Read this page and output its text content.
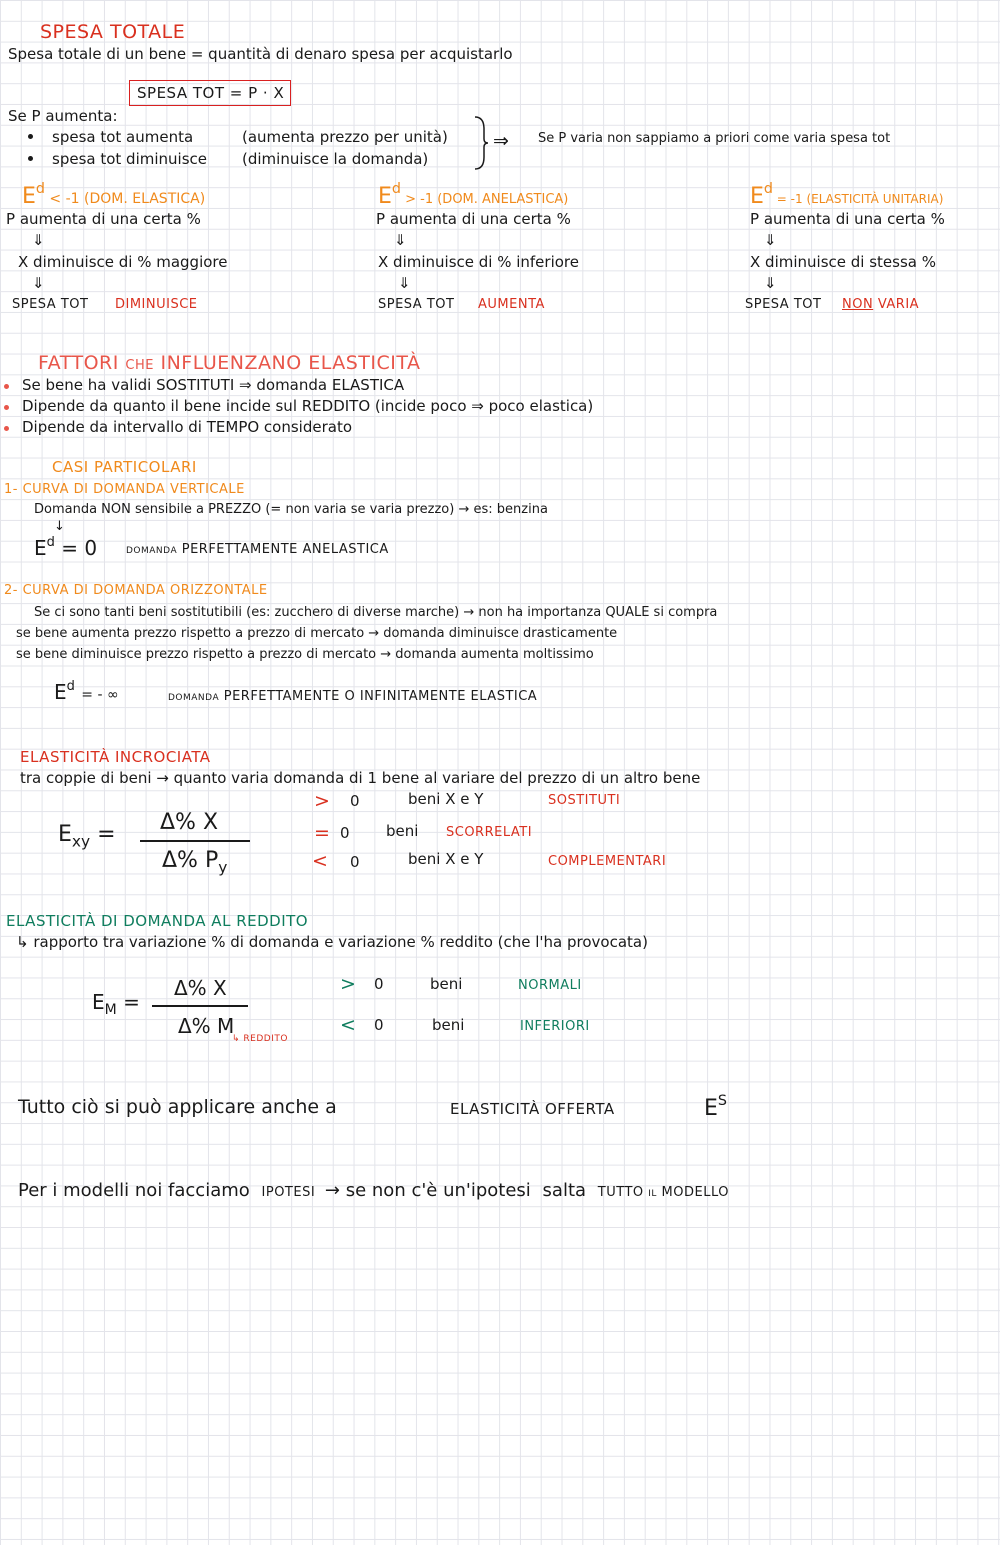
SPESA TOTALE
Spesa totale di un bene = quantità di denaro spesa per acquistarlo
SPESA TOT = P · X
Se P aumenta:
spesa tot aumenta	(aumenta prezzo per unità)
spesa tot diminuisce (diminuisce la domanda)
⇒ Se P varia non sappiamo a priori come varia spesa tot
$E^d < -1$ (DOM. ELASTICA)
P aumenta di una certa %
⇓
X diminuisce di % maggiore
⇓
SPESA TOT DIMINUISCE
$E^d > -1$ (DOM. ANELASTICA)
P aumenta di una certa %
⇓
X diminuisce di % inferiore
⇓
SPESA TOT AUMENTA
$E^d = -1$ (ELASTICITÀ UNITARIA)
P aumenta di una certa %
⇓
X diminuisce di stessa %
⇓
SPESA TOT NON VARIA
FATTORI che INFLUENZANO ELASTICITÀ
Se bene ha validi SOSTITUTI ⇒ domanda ELASTICA
Dipende da quanto il bene incide sul REDDITO (incide poco ⇒ poco elastica)
Dipende da intervallo di TEMPO considerato
CASI PARTICOLARI
1- CURVA DI DOMANDA VERTICALE
Domanda NON sensibile a PREZZO (= non varia se varia prezzo) → es: benzina
↓
$E^d = 0$ domanda PERFETTAMENTE ANELASTICA
2- CURVA DI DOMANDA ORIZZONTALE
Se ci sono tanti beni sostitutibili (es: zucchero di diverse marche) → non ha importanza QUALE si compra
se bene aumenta prezzo rispetto a prezzo di mercato → domanda diminuisce drasticamente
se bene diminuisce prezzo rispetto a prezzo di mercato → domanda aumenta moltissimo
$E^d$ = - ∞	domanda PERFETTAMENTE O INFINITAMENTE ELASTICA
ELASTICITÀ INCROCIATA
tra coppie di beni → quanto varia domanda di 1 bene al variare del prezzo di un altro bene
$E_{xy} = \Delta\%$ X
Δ% $P_y$
> 0	beni X e Y	SOSTITUTI
= 0 beni SCORRELATI
< 0	beni X e Y	COMPLEMENTARI
ELASTICITÀ DI DOMANDA AL REDDITO
↳ rapporto tra variazione % di domanda e variazione % reddito (che l'ha provocata)
$E_M$ =
Δ% X
Δ% M
↳ REDDITO
> 0	beni	NORMALI
< 0	beni	INFERIORI
Tutto ciò si può applicare anche a	ELASTICITÀ OFFERTA	$E^S$
Per i modelli noi facciamo IPOTESI → se non c'è un'ipotesi salta TUTTO il MODELLO
